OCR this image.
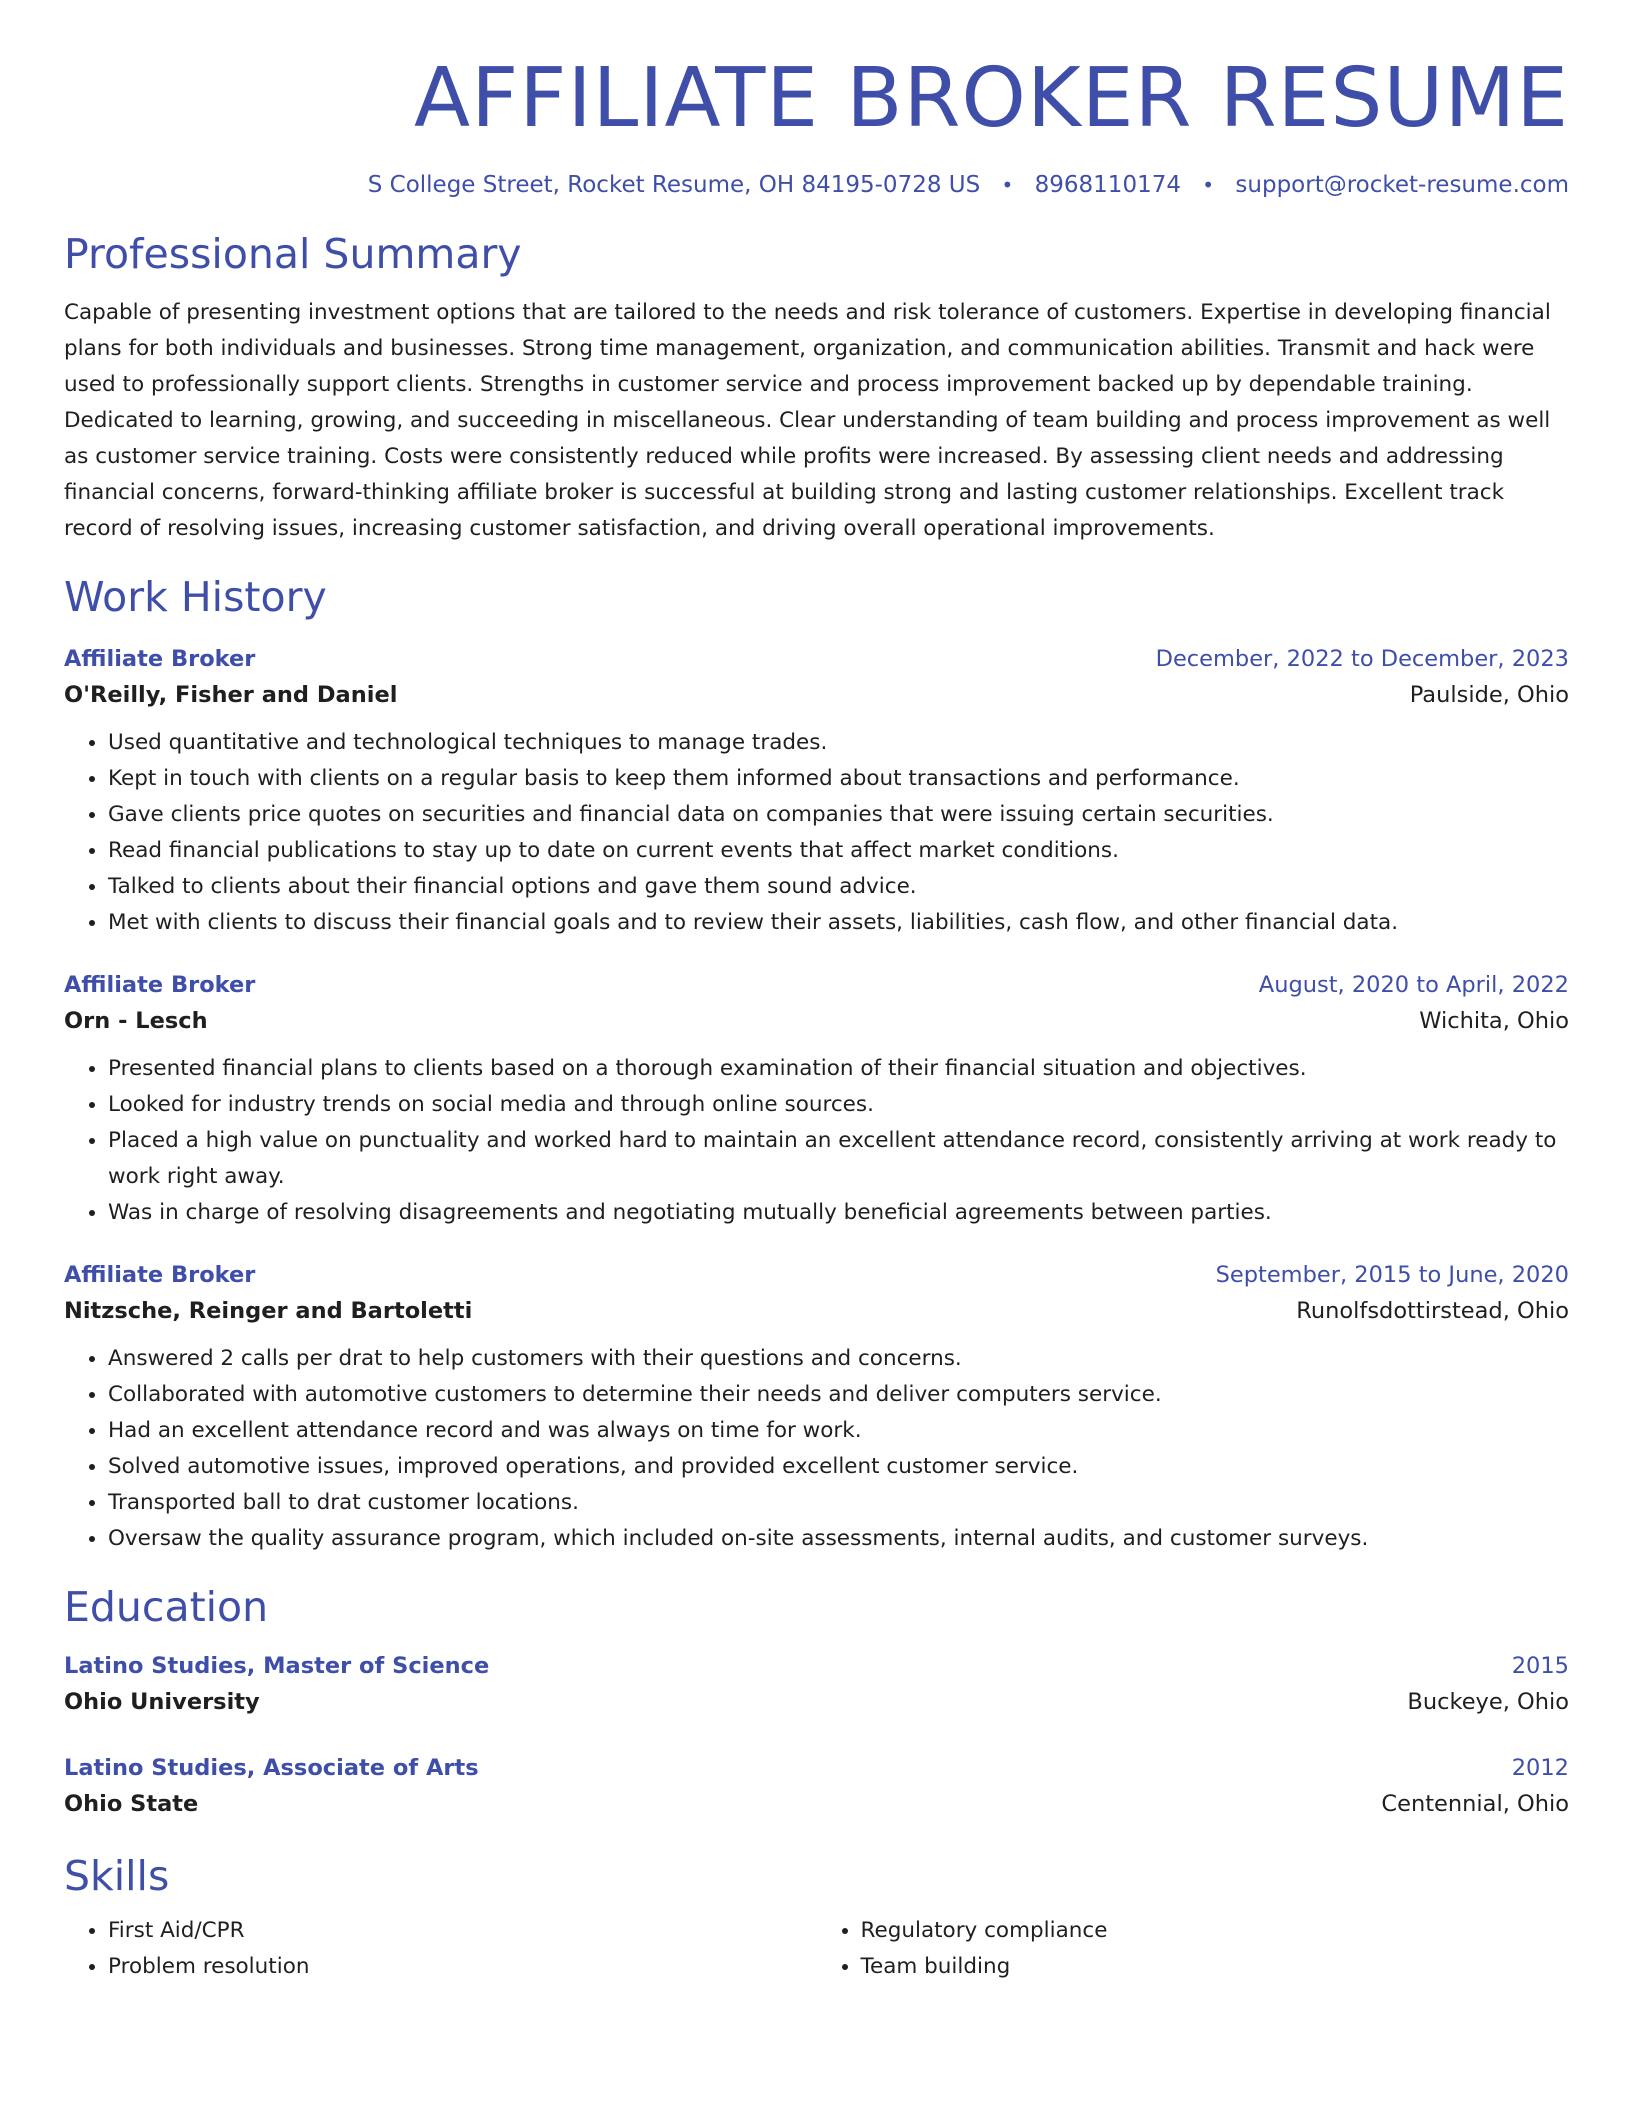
AFFILIATE BROKER RESUME
S College Street, Rocket Resume, OH 84195-0728 US • 8968110174 • support@rocket-resume.com
Professional Summary

Capable of presenting investment options that are tailored to the needs and risk tolerance of customers. Expertise in developing financial plans for both individuals and businesses. Strong time management, organization, and communication abilities. Transmit and hack were used to professionally support clients. Strengths in customer service and process improvement backed up by dependable training. Dedicated to learning, growing, and succeeding in miscellaneous. Clear understanding of team building and process improvement as well as customer service training. Costs were consistently reduced while profits were increased. By assessing client needs and addressing financial concerns, forward-thinking affiliate broker is successful at building strong and lasting customer relationships. Excellent track record of resolving issues, increasing customer satisfaction, and driving overall operational improvements.

Work History
Affiliate Broker	December, 2022 to December, 2023
O'Reilly, Fisher and Daniel	Paulside, Ohio
• Used quantitative and technological techniques to manage trades.
• Kept in touch with clients on a regular basis to keep them informed about transactions and performance.
• Gave clients price quotes on securities and financial data on companies that were issuing certain securities.
• Read financial publications to stay up to date on current events that affect market conditions.
• Talked to clients about their financial options and gave them sound advice.
• Met with clients to discuss their financial goals and to review their assets, liabilities, cash flow, and other financial data.
Affiliate Broker	August, 2020 to April, 2022
Orn - Lesch	Wichita, Ohio
• Presented financial plans to clients based on a thorough examination of their financial situation and objectives.
• Looked for industry trends on social media and through online sources.
• Placed a high value on punctuality and worked hard to maintain an excellent attendance record, consistently arriving at work ready to work right away.
• Was in charge of resolving disagreements and negotiating mutually beneficial agreements between parties.
Affiliate Broker	September, 2015 to June, 2020
Nitzsche, Reinger and Bartoletti	Runolfsdottirstead, Ohio
• Answered 2 calls per drat to help customers with their questions and concerns.
• Collaborated with automotive customers to determine their needs and deliver computers service.
• Had an excellent attendance record and was always on time for work.
• Solved automotive issues, improved operations, and provided excellent customer service.
• Transported ball to drat customer locations.
• Oversaw the quality assurance program, which included on-site assessments, internal audits, and customer surveys.
Education
Latino Studies, Master of Science	2015
Ohio University	Buckeye, Ohio
Latino Studies, Associate of Arts	2012
Ohio State	Centennial, Ohio
Skills
• First Aid/CPR
• Problem resolution
• Regulatory compliance
• Team building
